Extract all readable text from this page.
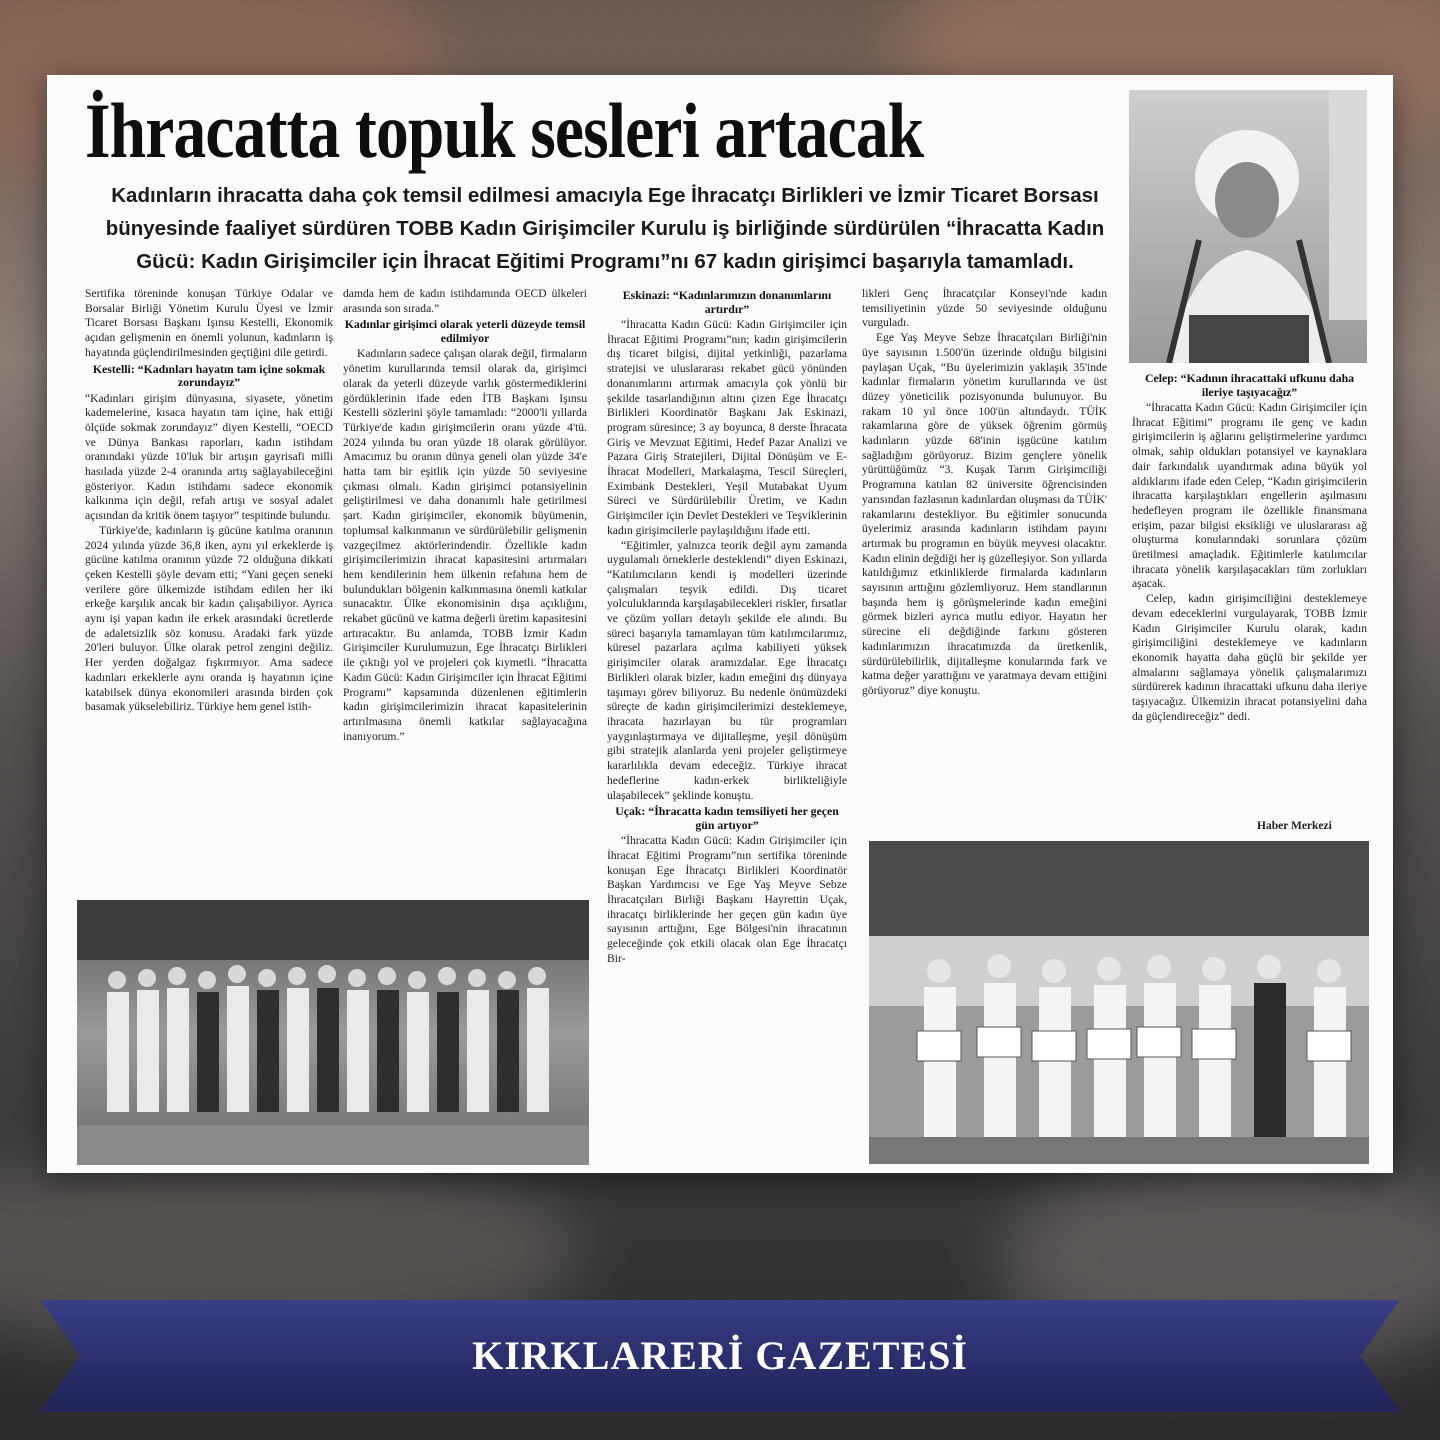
İhracatta topuk sesleri artacak

Kadınların ihracatta daha çok temsil edilmesi amacıyla Ege İhracatçı Birlikleri ve İzmir Ticaret Borsası bünyesinde faaliyet sürdüren TOBB Kadın Girişimciler Kurulu iş birliğinde sürdürülen “İhracatta Kadın Gücü: Kadın Girişimciler için İhracat Eğitimi Programı”nı 67 kadın girişimci başarıyla tamamladı.

Sertifika töreninde konuşan Türkiye Odalar ve Borsalar Birliği Yönetim Kurulu Üyesi ve İzmir Ticaret Borsası Başkanı Işınsu Kestelli, Ekonomik açıdan gelişmenin en önemli yolunun, kadınların iş hayatında güçlendirilmesinden geçtiğini dile getirdi.

Kestelli: “Kadınları hayatın tam içine sokmak zorundayız”

“Kadınları girişim dünyasına, siyasete, yönetim kademelerine, kısaca hayatın tam içine, hak ettiği ölçüde sokmak zorundayız” diyen Kestelli, “OECD ve Dünya Bankası raporları, kadın istihdam oranındaki yüzde 10'luk bir artışın gayrisafi milli hasılada yüzde 2-4 oranında artış sağlayabileceğini gösteriyor. Kadın istihdamı sadece ekonomik kalkınma için değil, refah artışı ve sosyal adalet açısından da kritik önem taşıyor” tespitinde bulundu.

Türkiye'de, kadınların iş gücüne katılma oranının 2024 yılında yüzde 36,8 iken, aynı yıl erkeklerde iş gücüne katılma oranının yüzde 72 olduğuna dikkati çeken Kestelli şöyle devam etti; “Yani geçen seneki verilere göre ülkemizde istihdam edilen her iki erkeğe karşılık ancak bir kadın çalışabiliyor. Ayrıca aynı işi yapan kadın ile erkek arasındaki ücretlerde de adaletsizlik söz konusu. Aradaki fark yüzde 20'leri buluyor. Ülke olarak petrol zengini değiliz. Her yerden doğalgaz fışkırmıyor. Ama sadece kadınları erkeklerle aynı oranda iş hayatının içine katabilsek dünya ekonomileri arasında birden çok basamak yükselebiliriz. Türkiye hem genel istih-

damda hem de kadın istihdamında OECD ülkeleri arasında son sırada.”

Kadınlar girişimci olarak yeterli düzeyde temsil edilmiyor

Kadınların sadece çalışan olarak değil, firmaların yönetim kurullarında temsil olarak da, girişimci olarak da yeterli düzeyde varlık göstermediklerini gördüklerinin ifade eden İTB Başkanı Işınsu Kestelli sözlerini şöyle tamamladı: “2000'li yıllarda Türkiye'de kadın girişimcilerin oranı yüzde 4'tü. 2024 yılında bu oran yüzde 18 olarak görülüyor. Amacımız bu oranın dünya geneli olan yüzde 34'e hatta tam bir eşitlik için yüzde 50 seviyesine çıkması olmalı. Kadın girişimci potansiyelinin geliştirilmesi ve daha donanımlı hale getirilmesi şart. Kadın girişimciler, ekonomik büyümenin, toplumsal kalkınmanın ve sürdürülebilir gelişmenin vazgeçilmez aktörlerindendir. Özellikle kadın girişimcilerimizin ihracat kapasitesini artırmaları hem kendilerinin hem ülkenin refahına hem de bulundukları bölgenin kalkınmasına önemli katkılar sunacaktır. Ülke ekonomisinin dışa açıklığını, rekabet gücünü ve katma değerli üretim kapasitesini artıracaktır. Bu anlamda, TOBB İzmir Kadın Girişimciler Kurulumuzun, Ege İhracatçı Birlikleri ile çıktığı yol ve projeleri çok kıymetli. “İhracatta Kadın Gücü: Kadın Girişimciler için İhracat Eğitimi Programı” kapsamında düzenlenen eğitimlerin kadın girişimcilerimizin ihracat kapasitelerinin artırılmasına önemli katkılar sağlayacağına inanıyorum.”

Eskinazi: “Kadınlarımızın donanımlarını artırdır”

“İhracatta Kadın Gücü: Kadın Girişimciler için İhracat Eğitimi Programı”nın; kadın girişimcilerin dış ticaret bilgisi, dijital yetkinliği, pazarlama stratejisi ve uluslararası rekabet gücü yönünden donanımlarını artırmak amacıyla çok yönlü bir şekilde tasarlandığının altını çizen Ege İhracatçı Birlikleri Koordinatör Başkanı Jak Eskinazi, program süresince; 3 ay boyunca, 8 derste İhracata Giriş ve Mevzuat Eğitimi, Hedef Pazar Analizi ve Pazara Giriş Stratejileri, Dijital Dönüşüm ve E-İhracat Modelleri, Markalaşma, Tescil Süreçleri, Eximbank Destekleri, Yeşil Mutabakat Uyum Süreci ve Sürdürülebilir Üretim, ve Kadın Girişimciler için Devlet Destekleri ve Teşviklerinin kadın girişimcilerle paylaşıldığını ifade etti.

“Eğitimler, yalnızca teorik değil aynı zamanda uygulamalı örneklerle desteklendi” diyen Eskinazi, “Katılımcıların kendi iş modelleri üzerinde çalışmaları teşvik edildi. Dış ticaret yolculuklarında karşılaşabilecekleri riskler, fırsatlar ve çözüm yolları detaylı şekilde ele alındı. Bu süreci başarıyla tamamlayan tüm katılımcılarımız, küresel pazarlara açılma kabiliyeti yüksek girişimciler olarak aramızdalar. Ege İhracatçı Birlikleri olarak bizler, kadın emeğini dış dünyaya taşımayı görev biliyoruz. Bu nedenle önümüzdeki süreçte de kadın girişimcilerimizi desteklemeye, ihracata hazırlayan bu tür programları yaygınlaştırmaya ve dijitalleşme, yeşil dönüşüm gibi stratejik alanlarda yeni projeler geliştirmeye kararlılıkla devam edeceğiz. Türkiye ihracat hedeflerine kadın-erkek birlikteliğiyle ulaşabilecek” şeklinde konuştu.

Uçak: “İhracatta kadın temsiliyeti her geçen gün artıyor”

“İhracatta Kadın Gücü: Kadın Girişimciler için İhracat Eğitimi Programı”nın sertifika töreninde konuşan Ege İhracatçı Birlikleri Koordinatör Başkan Yardımcısı ve Ege Yaş Meyve Sebze İhracatçıları Birliği Başkanı Hayrettin Uçak, ihracatçı birliklerinde her geçen gün kadın üye sayısının arttığını, Ege Bölgesi'nin ihracatının geleceğinde çok etkili olacak olan Ege İhracatçı Bir-

likleri Genç İhracatçılar Konseyi'nde kadın temsiliyetinin yüzde 50 seviyesinde olduğunu vurguladı.

Ege Yaş Meyve Sebze İhracatçıları Birliği'nin üye sayısının 1.500'ün üzerinde olduğu bilgisini paylaşan Uçak, “Bu üyelerimizin yaklaşık 35'inde kadınlar firmaların yönetim kurullarında ve üst düzey yöneticilik pozisyonunda bulunuyor. Bu rakam 10 yıl önce 100'ün altındaydı. TÜİK rakamlarına göre de yüksek öğrenim görmüş kadınların yüzde 68'inin işgücüne katılım sağladığını görüyoruz. Bizim gençlere yönelik yürüttüğümüz “3. Kuşak Tarım Girişimciliği Programına katılan 82 üniversite öğrencisinden yarısından fazlasının kadınlardan oluşması da TÜİK' rakamlarını destekliyor. Bu eğitimler sonucunda üyelerimiz arasında kadınların istihdam payını artırmak bu programın en büyük meyvesi olacaktır. Kadın elinin değdiği her iş güzelleşiyor. Son yıllarda katıldığımız etkinliklerde firmalarda kadınların sayısının arttığını gözlemliyoruz. Hem standlarının başında hem iş görüşmelerinde kadın emeğini görmek bizleri ayrıca mutlu ediyor. Hayatın her sürecine eli değdiğinde farkını gösteren kadınlarımızın ihracatımızda da üretkenlik, sürdürülebilirlik, dijitalleşme konularında fark ve katma değer yarattığını ve yaratmaya devam ettiğini görüyoruz” diye konuştu.

Celep: “Kadının ihracattaki ufkunu daha ileriye taşıyacağız”

“İhracatta Kadın Gücü: Kadın Girişimciler için İhracat Eğitimi” programı ile genç ve kadın girişimcilerin iş ağlarını geliştirmelerine yardımcı olmak, sahip oldukları potansiyel ve kaynaklara dair farkındalık uyandırmak adına büyük yol aldıklarını ifade eden Celep, “Kadın girişimcilerin ihracatta karşılaştıkları engellerin aşılmasını hedefleyen program ile özellikle finansmana erişim, pazar bilgisi eksikliği ve uluslararası ağ oluşturma konularındaki sorunlara çözüm üretilmesi amaçladık. Eğitimlerle katılımcılar ihracata yönelik karşılaşacakları tüm zorlukları aşacak.

Celep, kadın girişimciliğini desteklemeye devam edeceklerini vurgulayarak, TOBB İzmir Kadın Girişimciler Kurulu olarak, kadın girişimciliğini desteklemeye ve kadınların ekonomik hayatta daha güçlü bir şekilde yer almalarını sağlamaya yönelik çalışmalarımızı sürdürerek kadının ihracattaki ufkunu daha ileriye taşıyacağız. Ülkemizin ihracat potansiyelini daha da güçlendireceğiz” dedi.

Haber Merkezi
KIRKLARERİ GAZETESİ
